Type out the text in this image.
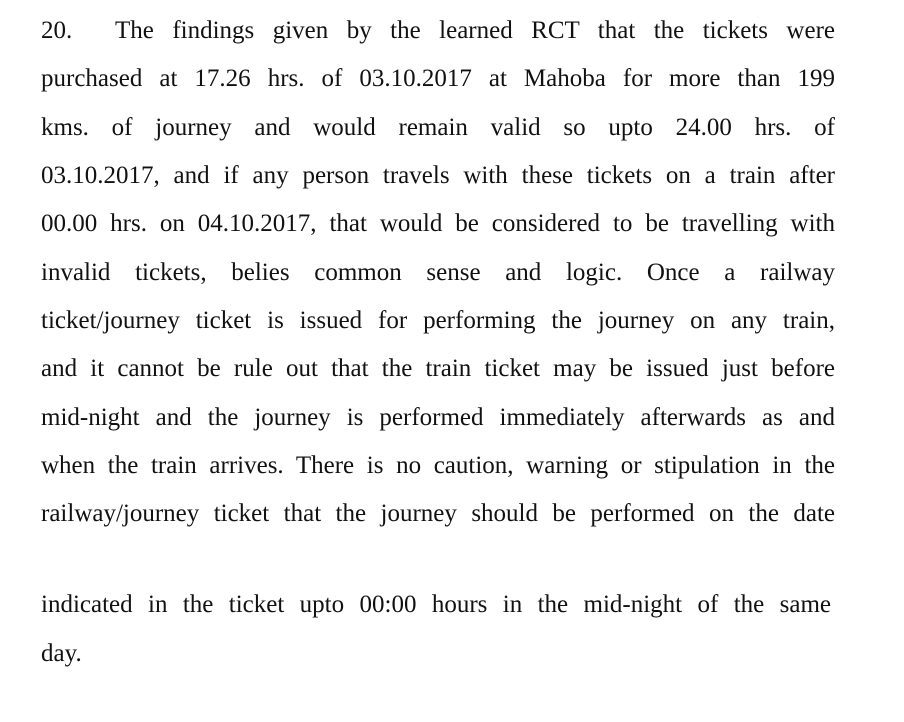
20. The findings given by the learned RCT that the tickets were
purchased at 17.26 hrs. of 03.10.2017 at Mahoba for more than 199
kms. of journey and would remain valid so upto 24.00 hrs. of
03.10.2017, and if any person travels with these tickets on a train after
00.00 hrs. on 04.10.2017, that would be considered to be travelling with
invalid tickets, belies common sense and logic. Once a railway
ticket/journey ticket is issued for performing the journey on any train,
and it cannot be rule out that the train ticket may be issued just before
mid-night and the journey is performed immediately afterwards as and
when the train arrives. There is no caution, warning or stipulation in the
railway/journey ticket that the journey should be performed on the date
indicated in the ticket upto 00:00 hours in the mid-night of the same
day.
